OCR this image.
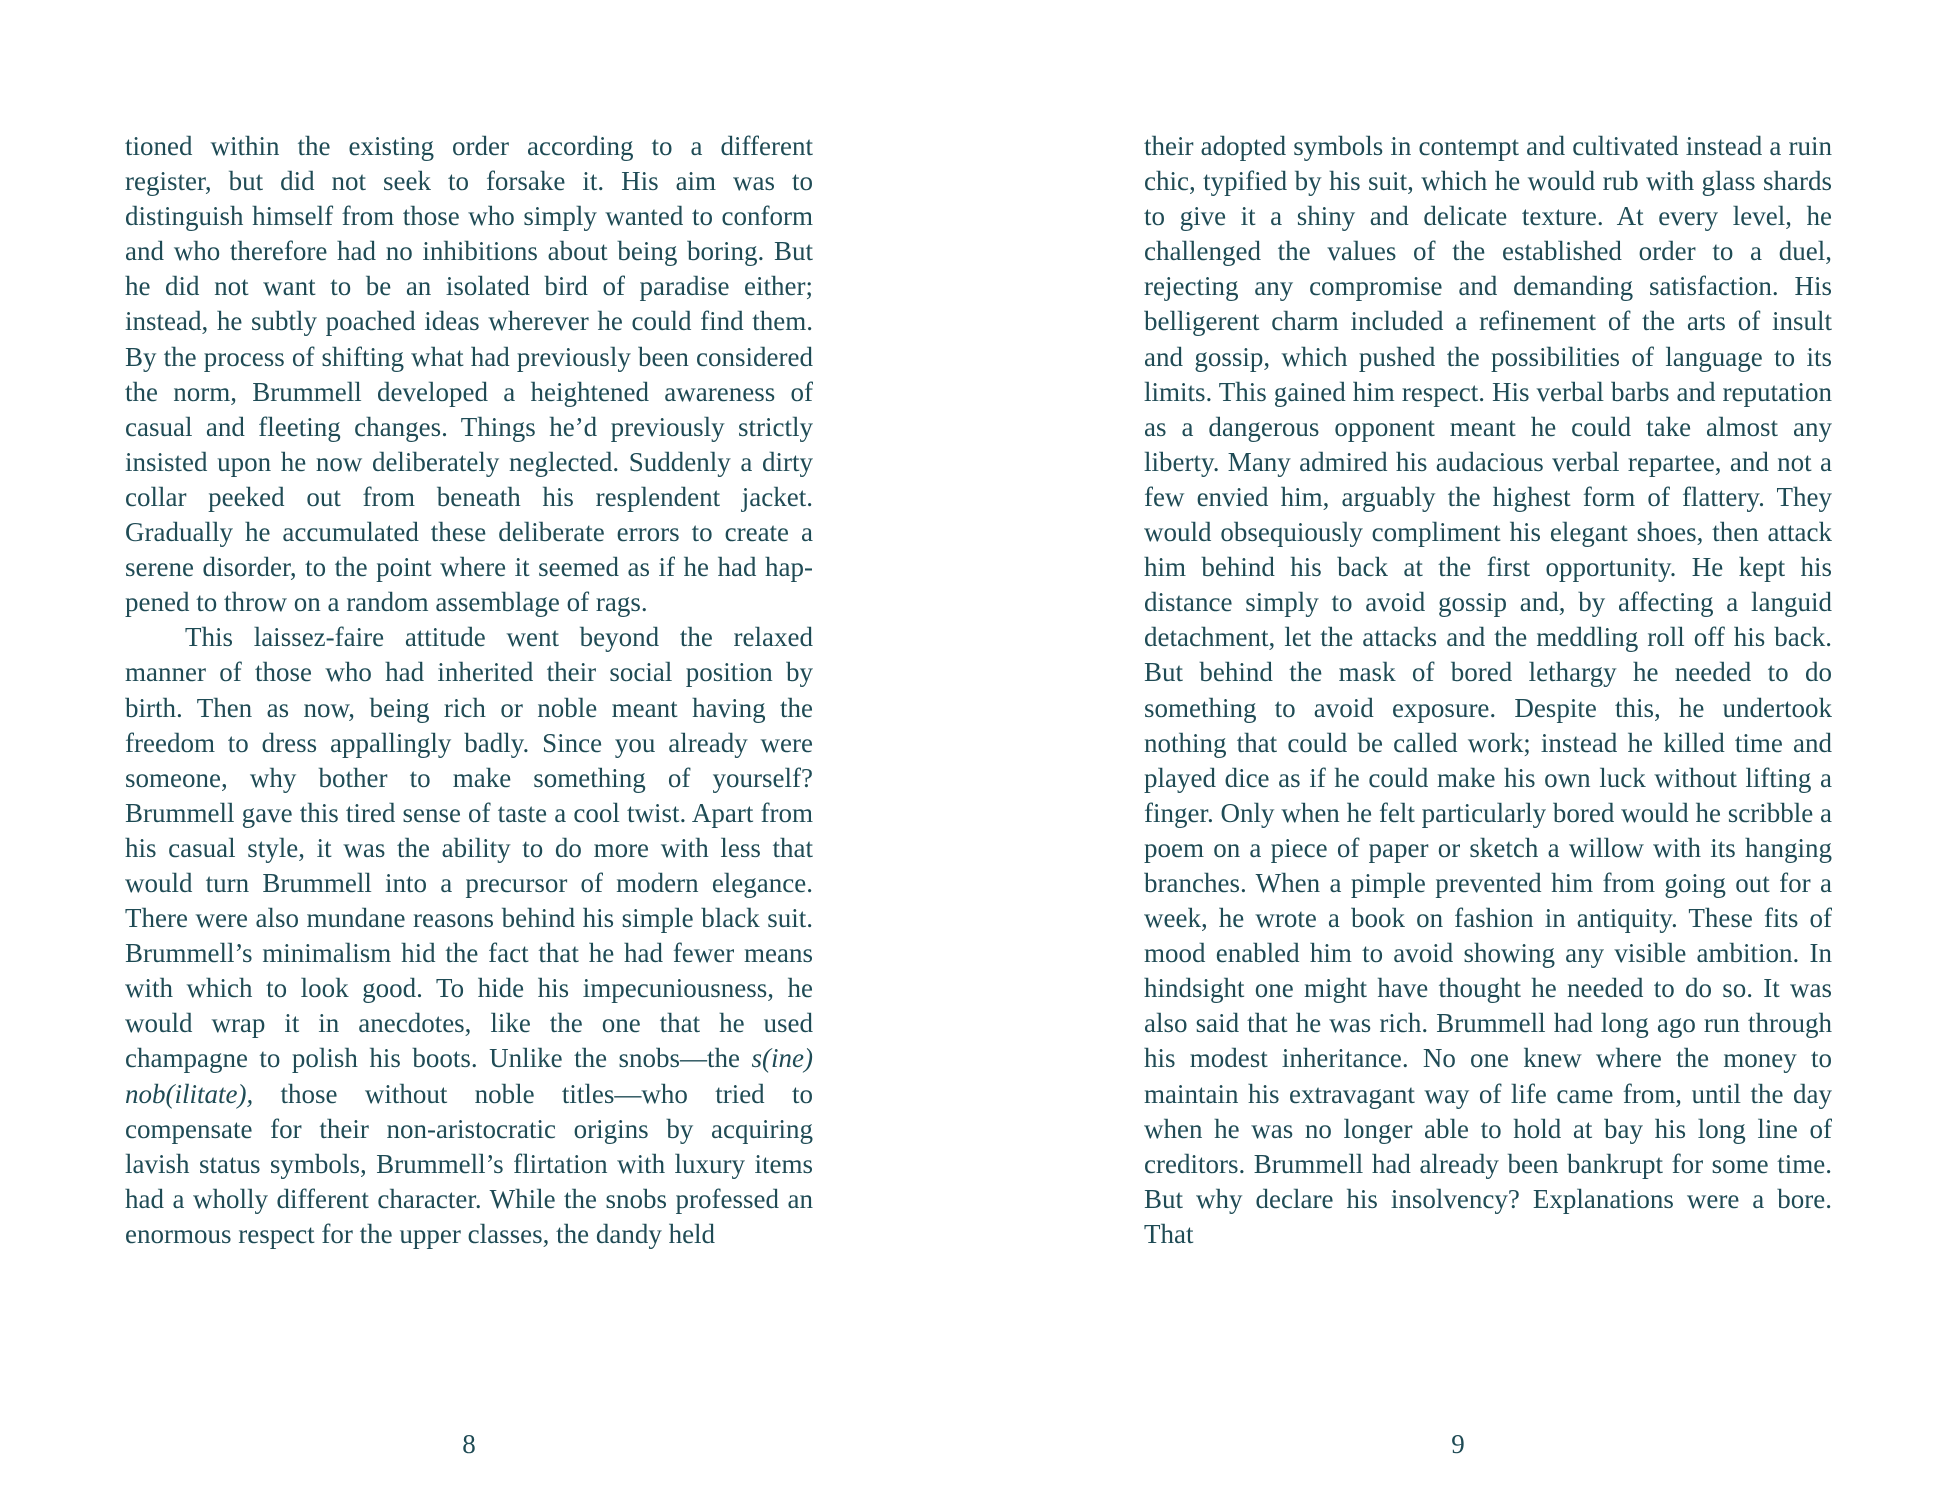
tioned within the existing order according to a different register, but did not seek to forsake it. His aim was to distinguish himself from those who simply wanted to conform and who therefore had no inhibitions about being boring. But he did not want to be an isolated bird of paradise either; instead, he subtly poached ideas wherever he could find them. By the process of shifting what had previously been considered the norm, Brummell developed a heightened awareness of casual and fleeting changes. Things he’d previously strictly insisted upon he now deliberately neglected. Suddenly a dirty collar peeked out from beneath his resplendent jacket. Gradually he accumulated these deliberate errors to create a serene disorder, to the point where it seemed as if he had happened to throw on a random assemblage of rags.

This laissez-faire attitude went beyond the relaxed manner of those who had inherited their social position by birth. Then as now, being rich or noble meant having the freedom to dress appallingly badly. Since you already were someone, why bother to make something of yourself? Brummell gave this tired sense of taste a cool twist. Apart from his casual style, it was the ability to do more with less that would turn Brummell into a precursor of modern elegance. There were also mundane reasons behind his simple black suit. Brummell’s minimalism hid the fact that he had fewer means with which to look good. To hide his impecuniousness, he would wrap it in anecdotes, like the one that he used champagne to polish his boots. Unlike the snobs—the s(ine) nob(ilitate), those without noble titles—who tried to compensate for their non-aristocratic origins by acquiring lavish status symbols, Brummell’s flirtation with luxury items had a wholly different character. While the snobs professed an enormous respect for the upper classes, the dandy held

8

their adopted symbols in contempt and cultivated instead a ruin chic, typified by his suit, which he would rub with glass shards to give it a shiny and delicate texture. At every level, he challenged the values of the established order to a duel, rejecting any compromise and demanding satisfaction. His belligerent charm included a refinement of the arts of insult and gossip, which pushed the possibilities of language to its limits. This gained him respect. His verbal barbs and reputation as a dangerous opponent meant he could take almost any liberty. Many admired his audacious verbal repartee, and not a few envied him, arguably the highest form of flattery. They would obsequiously compliment his elegant shoes, then attack him behind his back at the first opportunity. He kept his distance simply to avoid gossip and, by affecting a languid detachment, let the attacks and the meddling roll off his back. But behind the mask of bored lethargy he needed to do something to avoid exposure. Despite this, he undertook nothing that could be called work; instead he killed time and played dice as if he could make his own luck without lifting a finger. Only when he felt particularly bored would he scribble a poem on a piece of paper or sketch a willow with its hanging branches. When a pimple prevented him from going out for a week, he wrote a book on fashion in antiquity. These fits of mood enabled him to avoid showing any visible ambition. In hindsight one might have thought he needed to do so. It was also said that he was rich. Brummell had long ago run through his modest inheritance. No one knew where the money to maintain his extravagant way of life came from, until the day when he was no longer able to hold at bay his long line of creditors. Brummell had already been bankrupt for some time. But why declare his insolvency? Explanations were a bore. That

9
